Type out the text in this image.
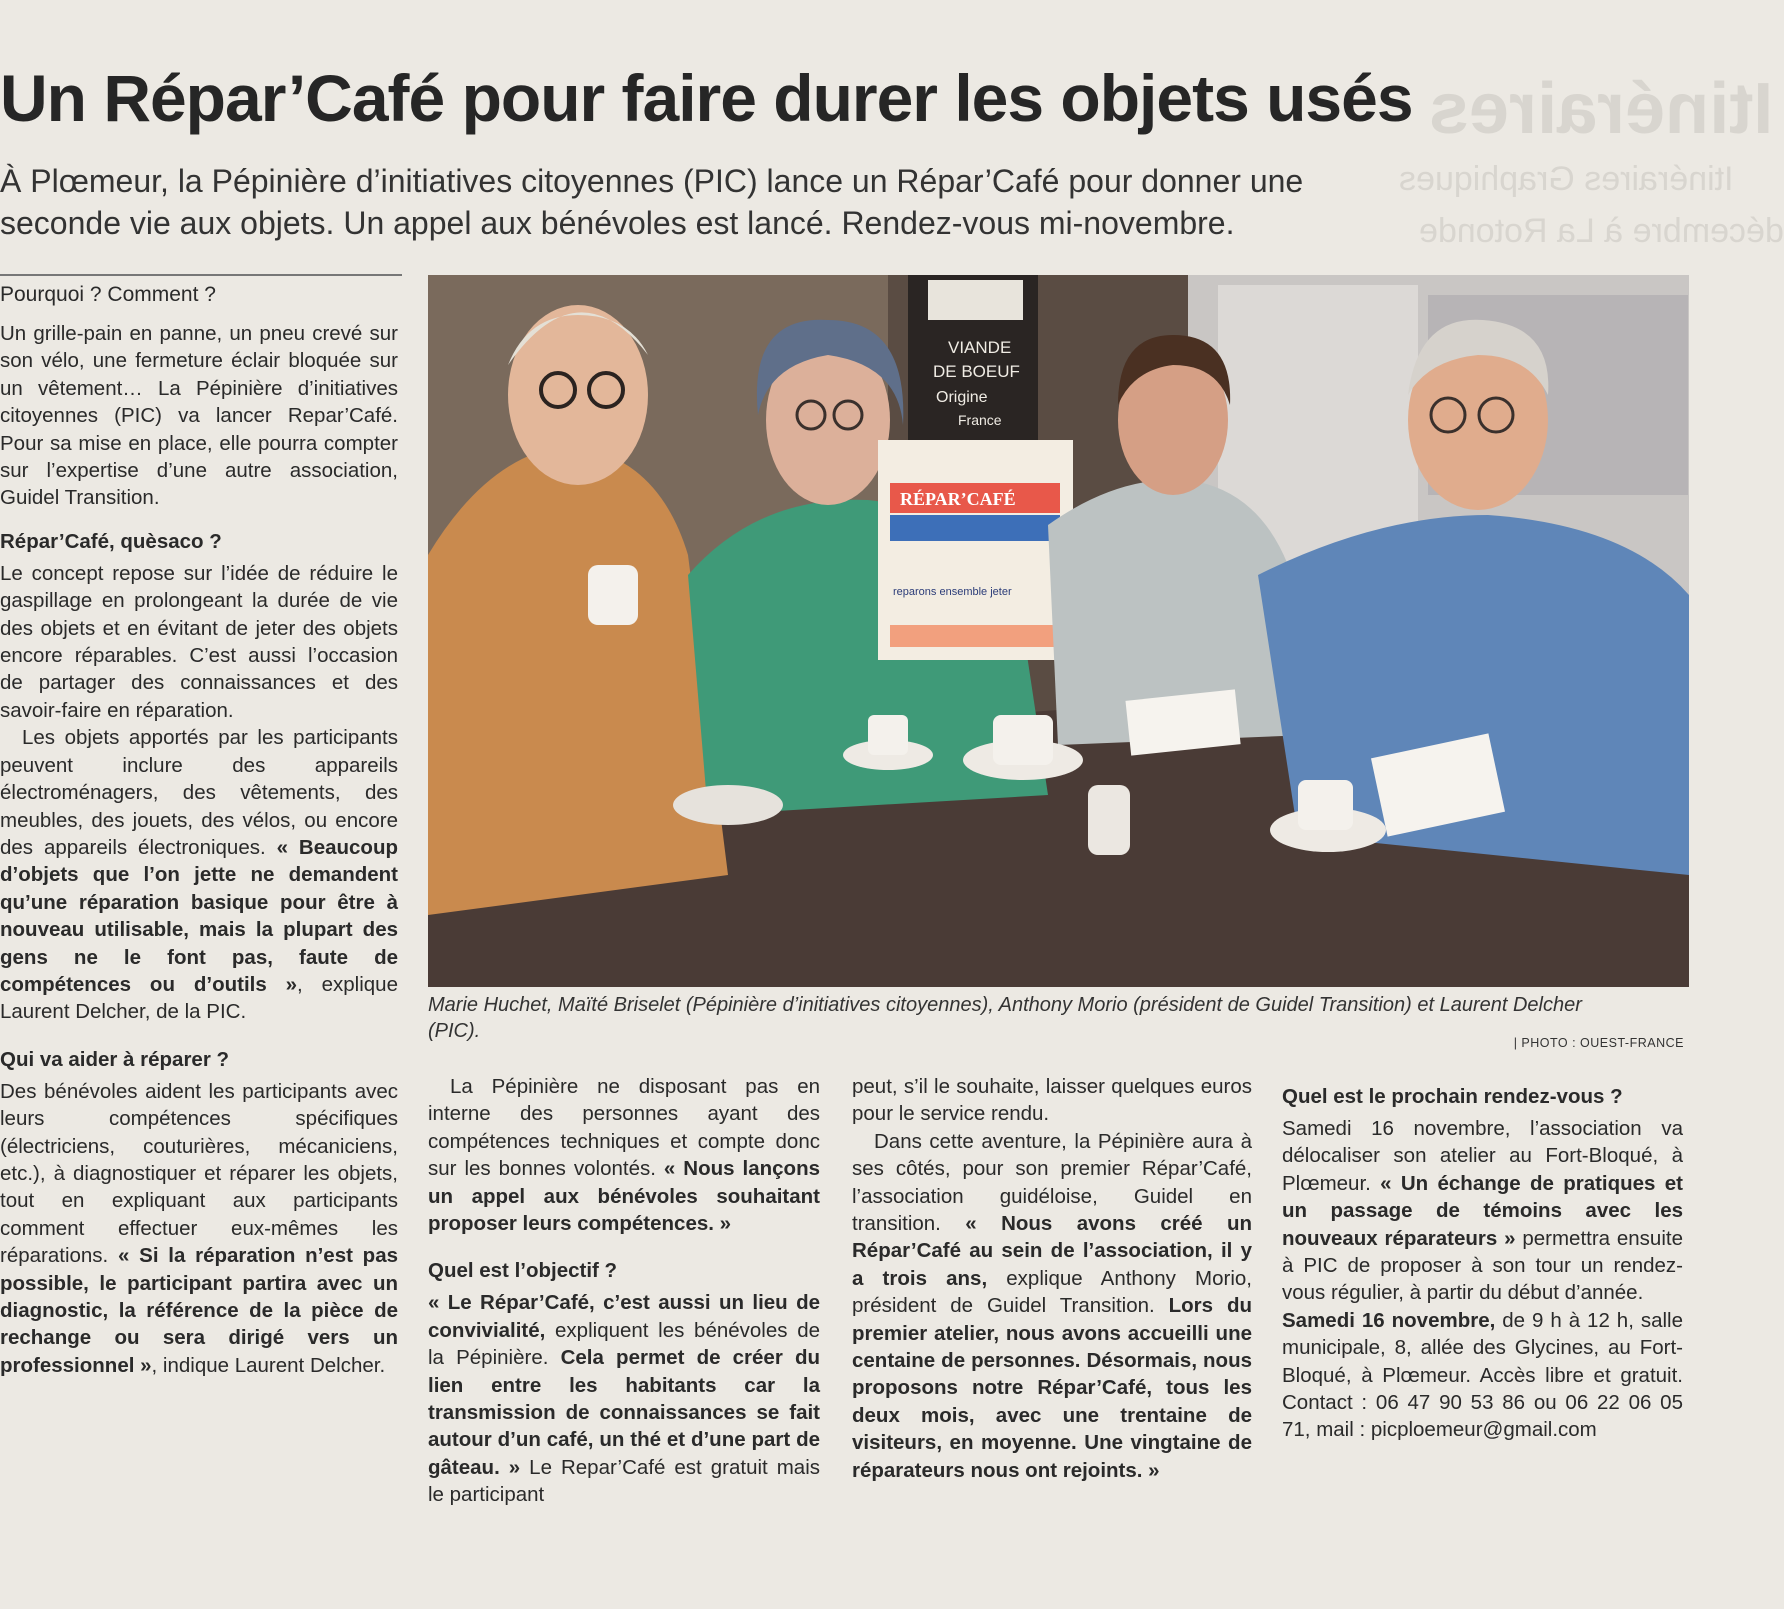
Itinéraires
Itinéraires Graphiques
décembre à La Rotonde
Un Répar’Café pour faire durer les objets usés

À Plœmeur, la Pépinière d’initiatives citoyennes (PIC) lance un Répar’Café pour donner une seconde vie aux objets. Un appel aux bénévoles est lancé. Rendez-vous mi-novembre.

Pourquoi ? Comment ?

Un grille-pain en panne, un pneu crevé sur son vélo, une fermeture éclair bloquée sur un vêtement… La Pépinière d’initiatives citoyennes (PIC) va lancer Repar’Café. Pour sa mise en place, elle pourra compter sur l’expertise d’une autre association, Guidel Transition.

Répar’Café, quèsaco ?

Le concept repose sur l’idée de réduire le gaspillage en prolongeant la durée de vie des objets et en évitant de jeter des objets encore réparables. C’est aussi l’occasion de partager des connaissances et des savoir-faire en réparation.

Les objets apportés par les participants peuvent inclure des appareils électroménagers, des vêtements, des meubles, des jouets, des vélos, ou encore des appareils électroniques. « Beaucoup d’objets que l’on jette ne demandent qu’une réparation basique pour être à nouveau utilisable, mais la plupart des gens ne le font pas, faute de compétences ou d’outils », explique Laurent Delcher, de la PIC.

Qui va aider à réparer ?

Des bénévoles aident les participants avec leurs compétences spécifiques (électriciens, couturières, mécaniciens, etc.), à diagnostiquer et réparer les objets, tout en expliquant aux participants comment effectuer eux-mêmes les réparations. « Si la réparation n’est pas possible, le participant partira avec un diagnostic, la référence de la pièce de rechange ou sera dirigé vers un professionnel », indique Laurent Delcher.

VIANDE
DE BOEUF
Origine
France
RÉPAR’CAFÉ
reparons ensemble jeter
Marie Huchet, Maïté Briselet (Pépinière d’initiatives citoyennes), Anthony Morio (président de Guidel Transition) et Laurent Delcher (PIC).
| PHOTO : OUEST-FRANCE

La Pépinière ne disposant pas en interne des personnes ayant des compétences techniques et compte donc sur les bonnes volontés. « Nous lançons un appel aux bénévoles souhaitant proposer leurs compétences. »

Quel est l’objectif ?

« Le Répar’Café, c’est aussi un lieu de convivialité, expliquent les bénévoles de la Pépinière. Cela permet de créer du lien entre les habitants car la transmission de connaissances se fait autour d’un café, un thé et d’une part de gâteau. » Le Repar’Café est gratuit mais le participant

peut, s’il le souhaite, laisser quelques euros pour le service rendu.

Dans cette aventure, la Pépinière aura à ses côtés, pour son premier Répar’Café, l’association guidéloise, Guidel en transition. « Nous avons créé un Répar’Café au sein de l’association, il y a trois ans, explique Anthony Morio, président de Guidel Transition. Lors du premier atelier, nous avons accueilli une centaine de personnes. Désormais, nous proposons notre Répar’Café, tous les deux mois, avec une trentaine de visiteurs, en moyenne. Une vingtaine de réparateurs nous ont rejoints. »

Quel est le prochain rendez-vous ?

Samedi 16 novembre, l’association va délocaliser son atelier au Fort-Bloqué, à Plœmeur. « Un échange de pratiques et un passage de témoins avec les nouveaux réparateurs » permettra ensuite à PIC de proposer à son tour un rendez-vous régulier, à partir du début d’année.

Samedi 16 novembre, de 9 h à 12 h, salle municipale, 8, allée des Glycines, au Fort-Bloqué, à Plœmeur. Accès libre et gratuit. Contact : 06 47 90 53 86 ou 06 22 06 05 71, mail : picploemeur@gmail.com
